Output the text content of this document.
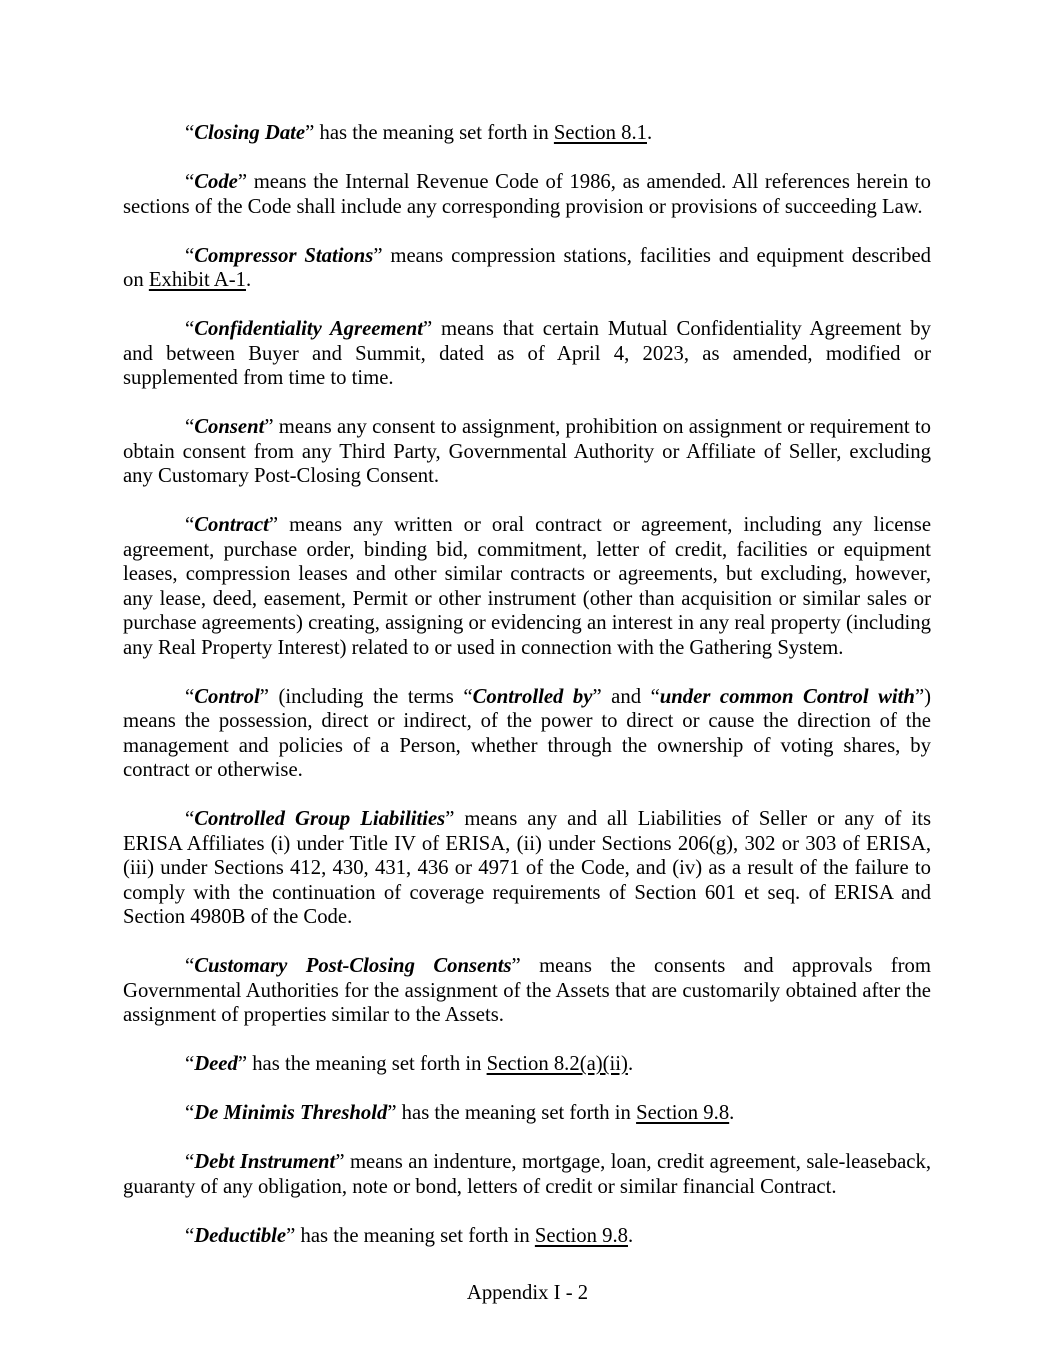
“Closing Date” has the meaning set forth in Section 8.1.

“Code” means the Internal Revenue Code of 1986, as amended. All references herein to sections of the Code shall include any corresponding provision or provisions of succeeding Law.

“Compressor Stations” means compression stations, facilities and equipment described on Exhibit A-1.

“Confidentiality Agreement” means that certain Mutual Confidentiality Agreement by and between Buyer and Summit, dated as of April 4, 2023, as amended, modified or supplemented from time to time.

“Consent” means any consent to assignment, prohibition on assignment or requirement to obtain consent from any Third Party, Governmental Authority or Affiliate of Seller, excluding any Customary Post-Closing Consent.

“Contract” means any written or oral contract or agreement, including any license agreement, purchase order, binding bid, commitment, letter of credit, facilities or equipment leases, compression leases and other similar contracts or agreements, but excluding, however, any lease, deed, easement, Permit or other instrument (other than acquisition or similar sales or purchase agreements) creating, assigning or evidencing an interest in any real property (including any Real Property Interest) related to or used in connection with the Gathering System.

“Control” (including the terms “Controlled by” and “under common Control with”) means the possession, direct or indirect, of the power to direct or cause the direction of the management and policies of a Person, whether through the ownership of voting shares, by contract or otherwise.

“Controlled Group Liabilities” means any and all Liabilities of Seller or any of its ERISA Affiliates (i) under Title IV of ERISA, (ii) under Sections 206(g), 302 or 303 of ERISA, (iii) under Sections 412, 430, 431, 436 or 4971 of the Code, and (iv) as a result of the failure to comply with the continuation of coverage requirements of Section 601 et seq. of ERISA and Section 4980B of the Code.

“Customary Post-Closing Consents” means the consents and approvals from Governmental Authorities for the assignment of the Assets that are customarily obtained after the assignment of properties similar to the Assets.

“Deed” has the meaning set forth in Section 8.2(a)(ii).

“De Minimis Threshold” has the meaning set forth in Section 9.8.

“Debt Instrument” means an indenture, mortgage, loan, credit agreement, sale-leaseback, guaranty of any obligation, note or bond, letters of credit or similar financial Contract.

“Deductible” has the meaning set forth in Section 9.8.

Appendix I - 2
